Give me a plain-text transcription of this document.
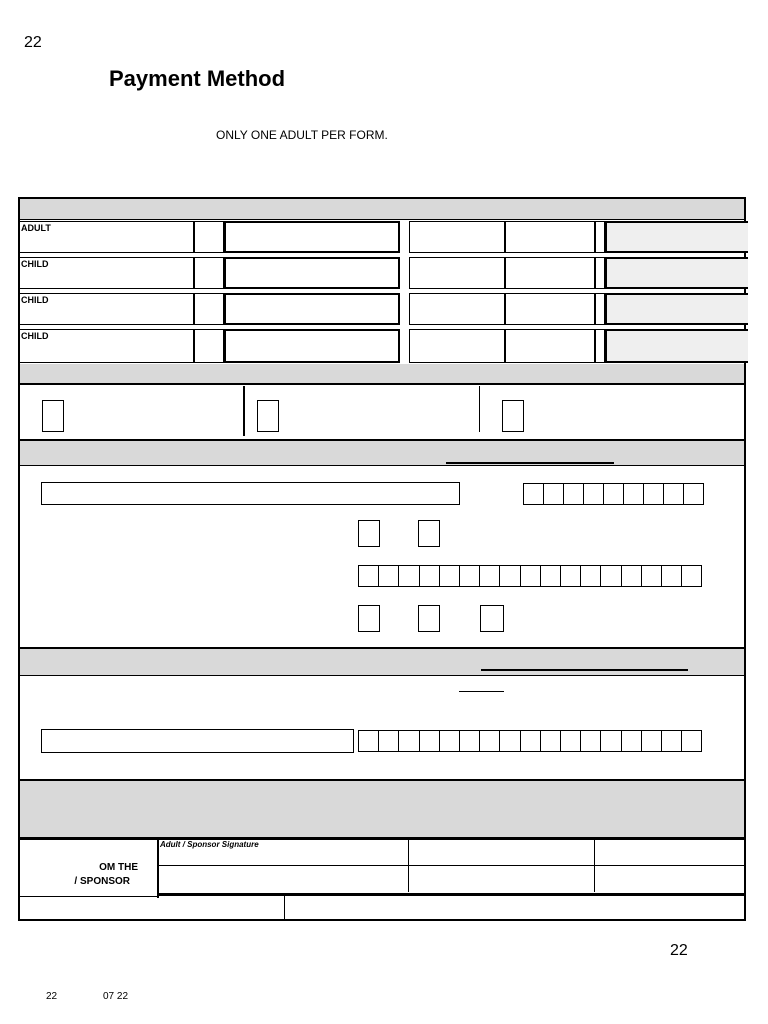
22
Payment Method
ONLY ONE ADULT PER FORM.
ADULT
CHILD
CHILD
CHILD
OM THE
/ SPONSOR
Adult / Sponsor Signature
22
22	07 22
